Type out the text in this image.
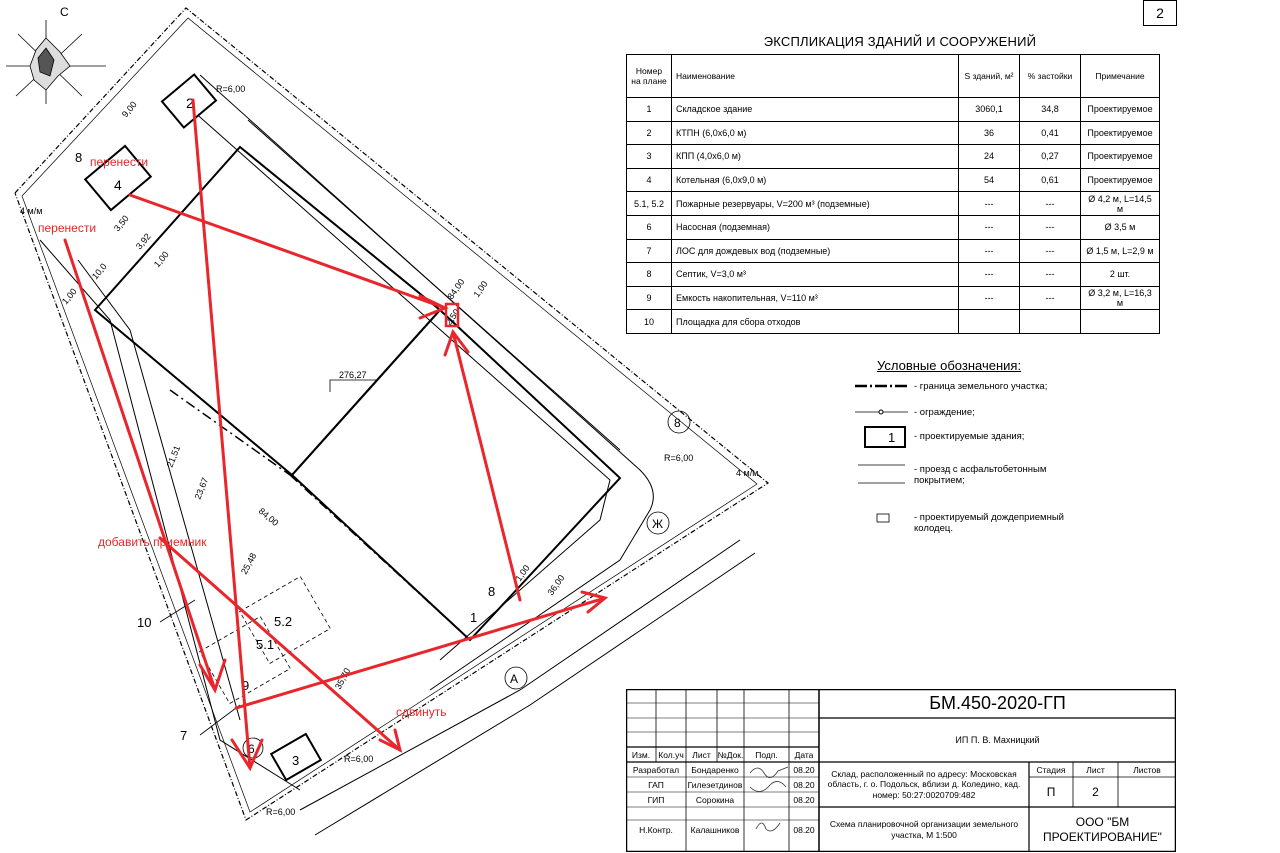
С
2
4
3
5.2
5.1
8
Ж
А
6
1
8
8
10
7
9
R=6,00
R=6,00
R=6,00
R=6,00
9,00
3,50
3,92
1,00
10,0
1,00	84,00 1,00
2,50
1,00 36,00
21,51
23,67
84,00
25,48
35,70
276,27
4 м/м
4 м/м
перенести
перенести
добавить приемник
сдвинуть
2
ЭКСПЛИКАЦИЯ ЗДАНИЙ И СООРУЖЕНИЙ
Номер на плане	Наименование	S зданий, м²	% застойки	Примечание
1	Складское здание	3060,1	34,8	Проектируемое
2	КТПН (6,0х6,0 м)	36	0,41	Проектируемое
3	КПП (4,0х6,0 м)	24	0,27	Проектируемое
4	Котельная (6,0х9,0 м)	54	0,61	Проектируемое
5.1, 5.2	Пожарные резервуары, V=200 м³ (подземные)	---	---	Ø 4,2 м, L=14,5 м
6	Насосная (подземная)	---	---	Ø 3,5 м
7	ЛОС для дождевых вод (подземные)	---	---	Ø 1,5 м, L=2,9 м
8	Септик, V=3,0 м³	---	---	2 шт.
9	Емкость накопительная, V=110 м³	---	---	Ø 3,2 м, L=16,3 м
10	Площадка для сбора отходов			
Условные обозначения:
- граница земельного участка;
- ограждение;
1 - проектируемые здания;
- проезд с асфальтобетонным покрытием;
- проектируемый дождеприемный колодец.
БМ.450-2020-ГП
ИП П. В. Махницкий
Изм. Кол.уч	Лист №Док.	Подп.	Дата
Разработал	Бондаренко	08.20
ГАП	Гилеэетдинов	08.20
ГИП	Сорокина	08.20
Н.Контр.	Калашников	08.20
Склад, расположенный по адресу: Московская область, г. о. Подольск, вблизи д. Коледино, кад. номер: 50:27:0020709:482
Схема планировочной организации земельного участка, М 1:500
Стадия	Лист	Листов
П	2
ООО "БМ ПРОЕКТИРОВАНИЕ"
